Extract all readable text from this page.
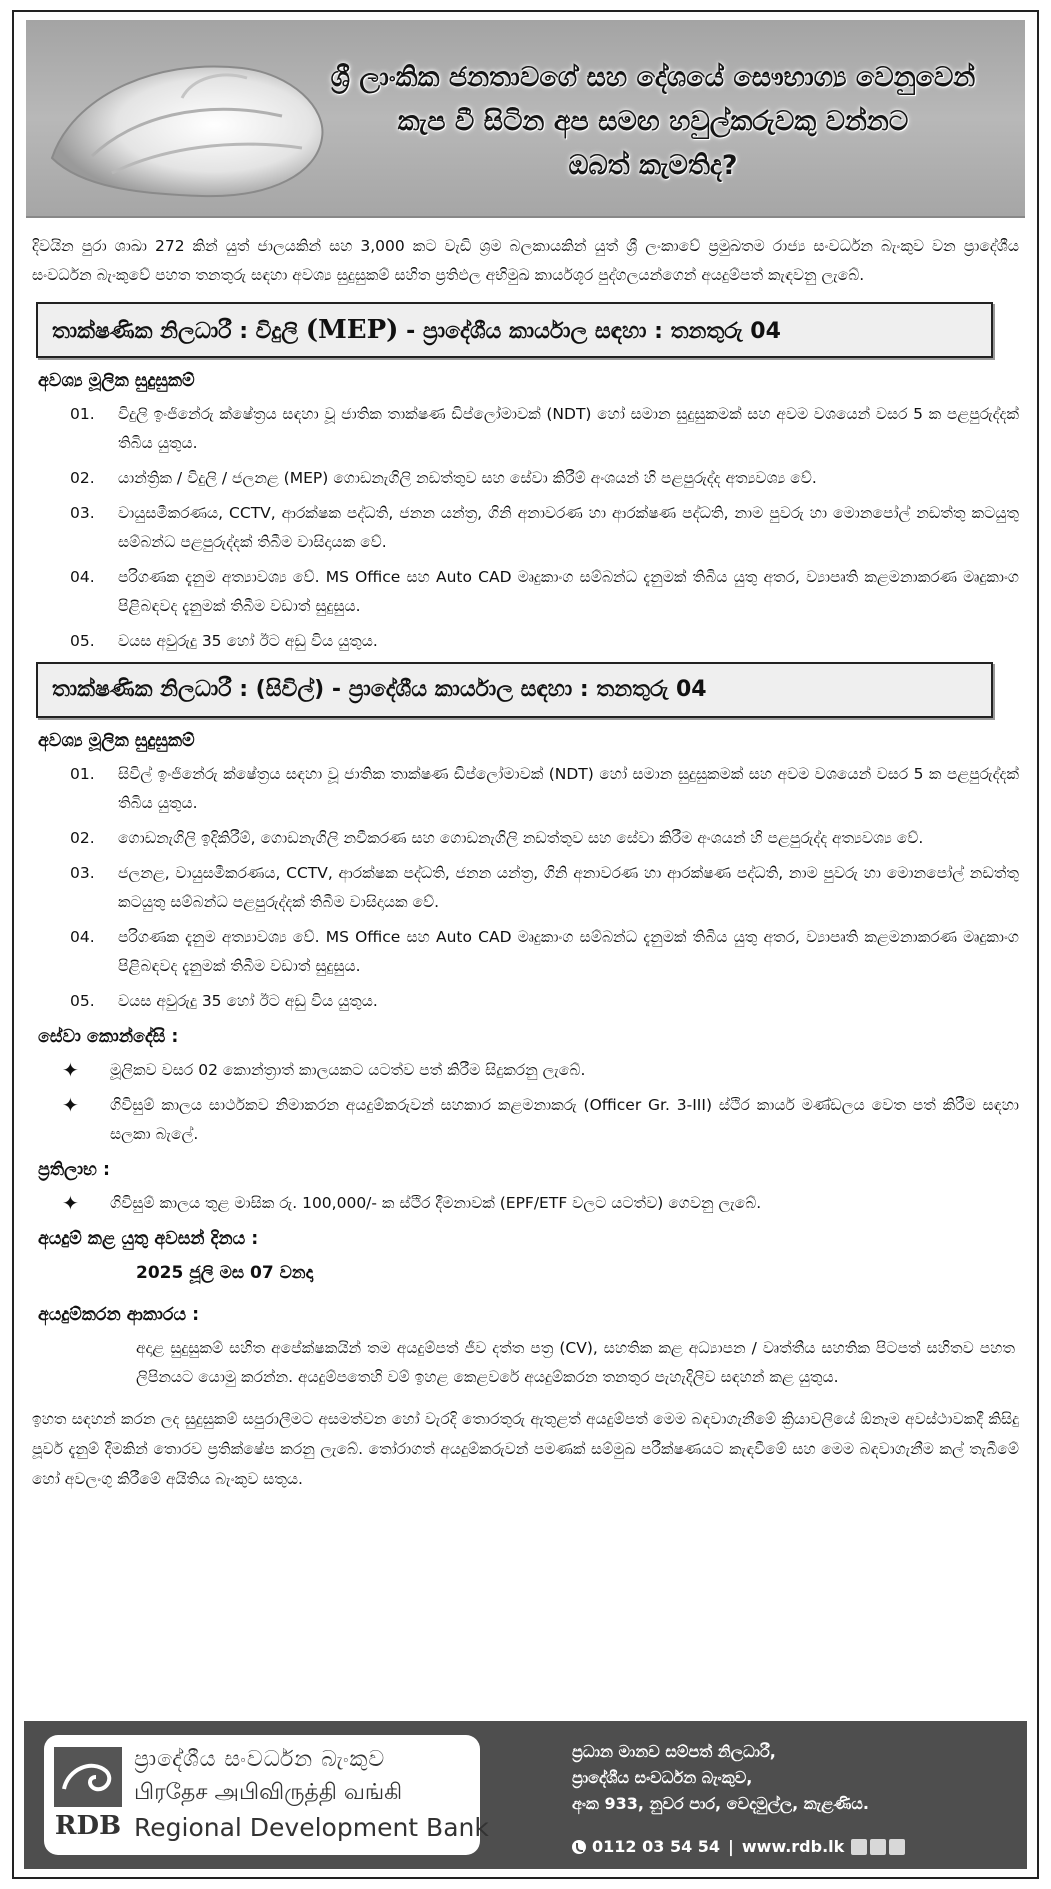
ශ්‍රී ලාංකික ජනතාවගේ සහ දේශයේ සෞභාග්‍ය වෙනුවෙන්
කැප වී සිටින අප සමඟ හවුල්කරුවකු වන්නට
ඔබත් කැමතිද?
දිවයින පුරා ශාඛා 272 කින් යුත් ජාලයකින් සහ 3,000 කට වැඩි ශ්‍රම බලකායකින් යුත් ශ්‍රී ලංකාවේ ප්‍රමුඛතම රාජ්‍ය සංවර්ධන බැංකුව වන ප්‍රාදේශීය සංවර්ධන බැංකුවේ පහත තනතුරු සඳහා අවශ්‍ය සුදුසුකම් සහිත ප්‍රතිඵල අභිමුඛ කාර්යශූර පුද්ගලයන්ගෙන් අයදුම්පත් කැඳවනු ලැබේ.
තාක්ෂණික නිලධාරී : විදුලි (MEP) - ප්‍රාදේශීය කාර්යාල සඳහා : තනතුරු 04
අවශ්‍ය මූලික සුදුසුකම්
01.	විදුලි ඉංජිනේරු ක්ෂේත්‍රය සඳහා වූ ජාතික තාක්ෂණ ඩිප්ලෝමාවක් (NDT) හෝ සමාන සුදුසුකමක් සහ අවම වශයෙන් වසර 5 ක පළපුරුද්දක් තිබිය යුතුය.
02.	යාන්ත්‍රික / විදුලි / ජලනළ (MEP) ගොඩනැගිලි නඩත්තුව සහ සේවා කිරීම් අංශයන් හි පළපුරුද්ද අත්‍යවශ්‍ය වේ.
03.	වායුසමීකරණය, CCTV, ආරක්ෂක පද්ධති, ජනන යන්ත්‍ර, ගිනි අනාවරණ හා ආරක්ෂණ පද්ධති, නාම පුවරු හා මොනපෝල් නඩත්තු කටයුතු සම්බන්ධ පළපුරුද්දක් තිබීම වාසිදායක වේ.
04.	පරිගණක දැනුම අත්‍යාවශ්‍ය වේ. MS Office සහ Auto CAD මෘදුකාංග සම්බන්ධ දැනුමක් තිබිය යුතු අතර, ව්‍යාපෘති කළමනාකරණ මෘදුකාංග පිළිබඳවද දැනුමක් තිබීම වඩාත් සුදුසුය.
05.	වයස අවුරුදු 35 හෝ ඊට අඩු විය යුතුය.
තාක්ෂණික නිලධාරී : (සිවිල්) - ප්‍රාදේශීය කාර්යාල සඳහා : තනතුරු 04
අවශ්‍ය මූලික සුදුසුකම්
01.	සිවිල් ඉංජිනේරු ක්ෂේත්‍රය සඳහා වූ ජාතික තාක්ෂණ ඩිප්ලෝමාවක් (NDT) හෝ සමාන සුදුසුකමක් සහ අවම වශයෙන් වසර 5 ක පළපුරුද්දක් තිබිය යුතුය.
02.	ගොඩනැගිලි ඉදිකිරීම්, ගොඩනැගිලි නවීකරණ සහ ගොඩනැගිලි නඩත්තුව සහ සේවා කිරීම අංශයන් හි පළපුරුද්ද අත්‍යවශ්‍ය වේ.
03.	ජලනළ, වායුසමීකරණය, CCTV, ආරක්ෂක පද්ධති, ජනන යන්ත්‍ර, ගිනි අනාවරණ හා ආරක්ෂණ පද්ධති, නාම පුවරු හා මොනපෝල් නඩත්තු කටයුතු සම්බන්ධ පළපුරුද්දක් තිබීම වාසිදායක වේ.
04.	පරිගණක දැනුම අත්‍යාවශ්‍ය වේ. MS Office සහ Auto CAD මෘදුකාංග සම්බන්ධ දැනුමක් තිබිය යුතු අතර, ව්‍යාපෘති කළමනාකරණ මෘදුකාංග පිළිබඳවද දැනුමක් තිබීම වඩාත් සුදුසුය.
05.	වයස අවුරුදු 35 හෝ ඊට අඩු විය යුතුය.
සේවා කොන්දේසි :
✦	මූලිකව වසර 02 කොන්ත්‍රාත් කාලයකට යටත්ව පත් කිරීම සිදුකරනු ලැබේ.
✦	ගිවිසුම් කාලය සාර්ථකව නිමාකරන අයදුම්කරුවන් සහකාර කළමනාකරු (Officer Gr. 3-III) ස්ථිර කාර්ය මණ්ඩලය වෙත පත් කිරීම සඳහා සලකා බැලේ.
ප්‍රතිලාභ :
✦	ගිවිසුම් කාලය තුළ මාසික රු. 100,000/- ක ස්ථිර දීමනාවක් (EPF/ETF වලට යටත්ව) ගෙවනු ලැබේ.
අයදුම් කළ යුතු අවසන් දිනය :
2025 ජූලි මස 07 වනදා
අයදුම්කරන ආකාරය :
අදාළ සුදුසුකම් සහිත අපේක්ෂකයින් තම අයදුම්පත් ජීව දත්ත පත්‍ර (CV), සහතික කළ අධ්‍යාපන / වෘත්තීය සහතික පිටපත් සහිතව පහත ලිපිනයට යොමු කරන්න. අයදුම්පතෙහි වම් ඉහළ කෙළවරේ අයදුම්කරන තනතුර පැහැදිලිව සඳහන් කළ යුතුය.
ඉහත සඳහන් කරන ලද සුදුසුකම් සපුරාලීමට අසමත්වන හෝ වැරදි තොරතුරු ඇතුළත් අයදුම්පත් මෙම බඳවාගැනීමේ ක්‍රියාවලියේ ඕනෑම අවස්ථාවකදී කිසිදු පූර්ව දැනුම් දීමකින් තොරව ප්‍රතික්ෂේප කරනු ලැබේ. තෝරාගත් අයදුම්කරුවන් පමණක් සම්මුඛ පරීක්ෂණයට කැඳවීමේ සහ මෙම බඳවාගැනීම කල් තැබීමේ හෝ අවලංගු කිරීමේ අයිතිය බැංකුව සතුය.
RDB
ප්‍රාදේශීය සංවර්ධන බැංකුව
பிரதேச அபிவிருத்தி வங்கி
Regional Development Bank
ප්‍රධාන මානව සම්පත් නිලධාරී,
ප්‍රාදේශීය සංවර්ධන බැංකුව,
අංක 933, නුවර පාර, වෙදමුල්ල, කැළණිය.
0112 03 54 54 | www.rdb.lk
